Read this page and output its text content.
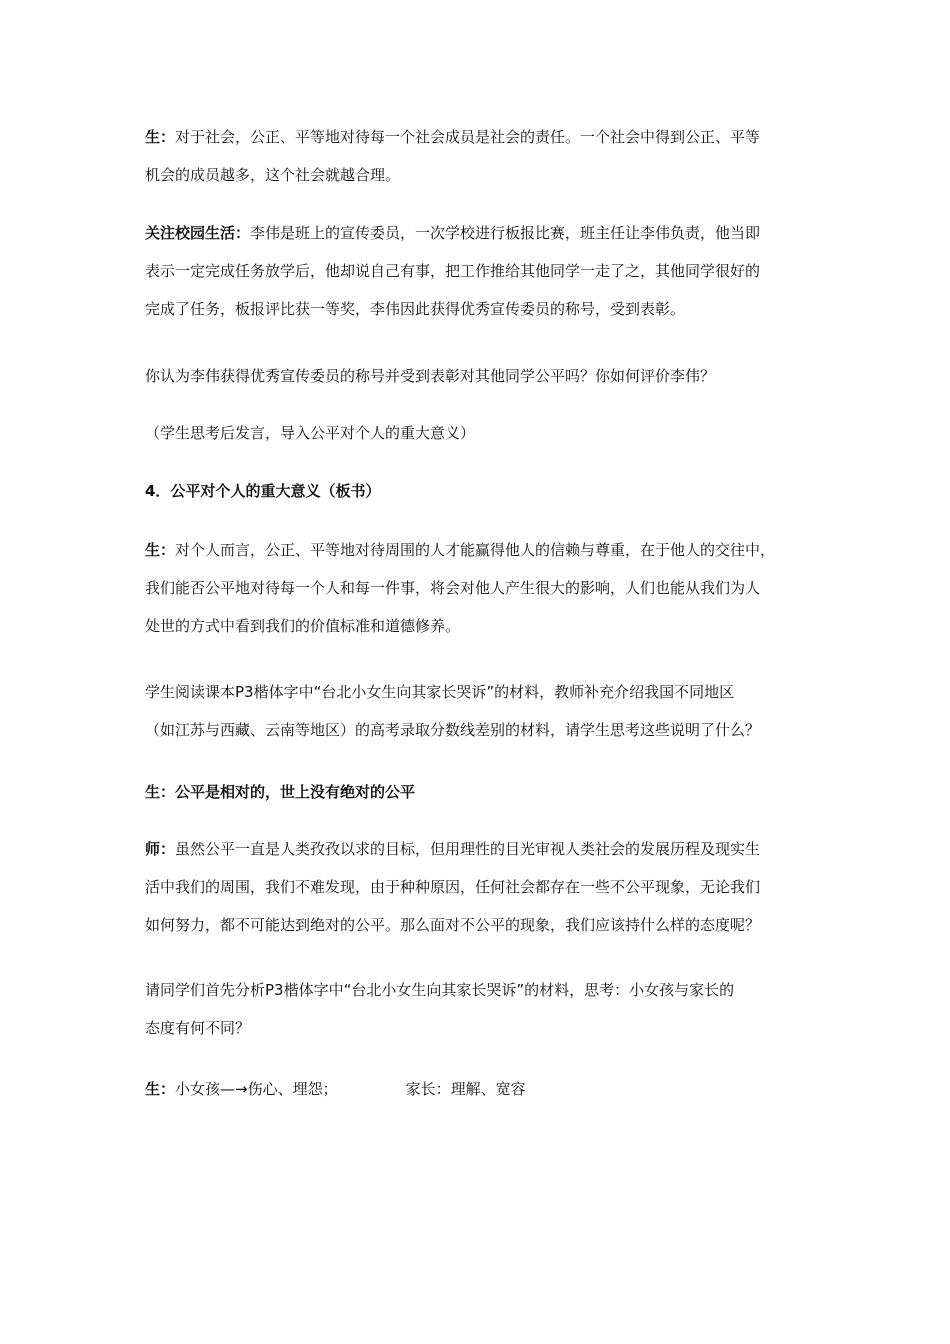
生：对于社会，公正、平等地对待每一个社会成员是社会的责任。一个社会中得到公正、平等
机会的成员越多，这个社会就越合理。

关注校园生活：李伟是班上的宣传委员，一次学校进行板报比赛，班主任让李伟负责，他当即
表示一定完成任务放学后，他却说自己有事，把工作推给其他同学一走了之，其他同学很好的
完成了任务，板报评比获一等奖，李伟因此获得优秀宣传委员的称号，受到表彰。

你认为李伟获得优秀宣传委员的称号并受到表彰对其他同学公平吗？你如何评价李伟？

（学生思考后发言，导入公平对个人的重大意义）

4．公平对个人的重大意义（板书）

生：对个人而言，公正、平等地对待周围的人才能赢得他人的信赖与尊重，在于他人的交往中，
我们能否公平地对待每一个人和每一件事，将会对他人产生很大的影响，人们也能从我们为人
处世的方式中看到我们的价值标准和道德修养。

学生阅读课本P3楷体字中“台北小女生向其家长哭诉”的材料，教师补充介绍我国不同地区
（如江苏与西藏、云南等地区）的高考录取分数线差别的材料，请学生思考这些说明了什么？

生：公平是相对的，世上没有绝对的公平

师：虽然公平一直是人类孜孜以求的目标，但用理性的目光审视人类社会的发展历程及现实生
活中我们的周围，我们不难发现，由于种种原因，任何社会都存在一些不公平现象，无论我们
如何努力，都不可能达到绝对的公平。那么面对不公平的现象，我们应该持什么样的态度呢？

请同学们首先分析P3楷体字中“台北小女生向其家长哭诉”的材料，思考：小女孩与家长的
态度有何不同？

生：小女孩—→伤心、埋怨；	家长：理解、宽容
